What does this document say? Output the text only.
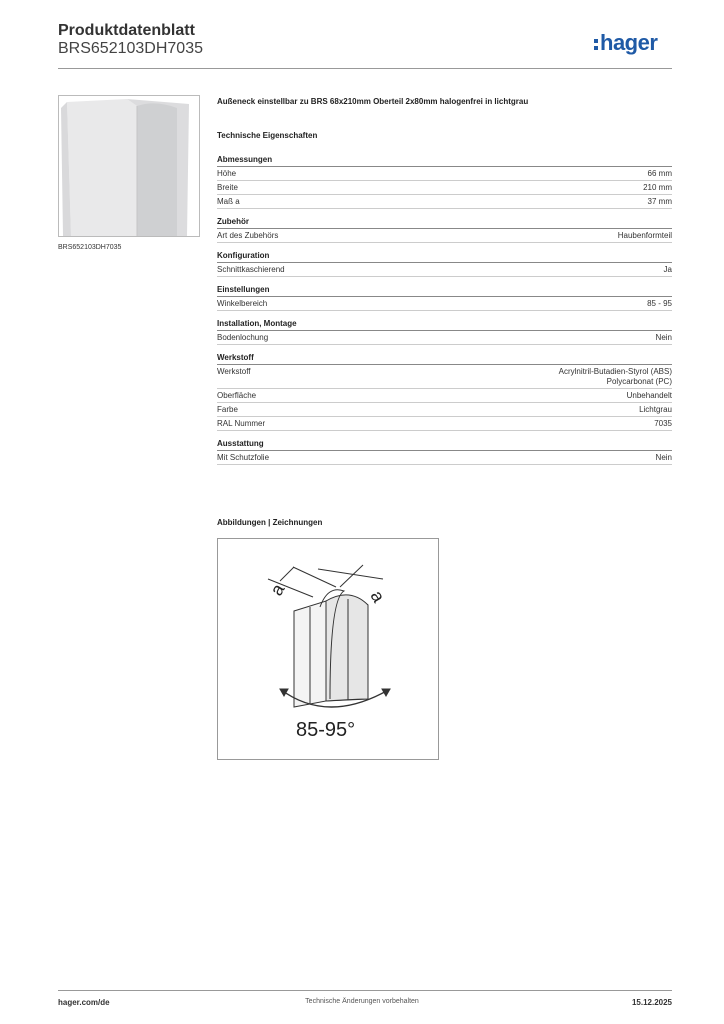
Produktdatenblatt
BRS652103DH7035	hager
BRS652103DH7035
Außeneck einstellbar zu BRS 68x210mm Oberteil 2x80mm halogenfrei in lichtgrau
Technische Eigenschaften
Abmessungen
Höhe	66 mm
Breite	210 mm
Maß a	37 mm
Zubehör
Art des Zubehörs	Haubenformteil
Konfiguration
Schnittkaschierend	Ja
Einstellungen
Winkelbereich	85 - 95
Installation, Montage
Bodenlochung	Nein
Werkstoff
Werkstoff	Acrylnitril-Butadien-Styrol (ABS)
Polycarbonat (PC)
Oberfläche	Unbehandelt
Farbe	Lichtgrau
RAL Nummer	7035
Ausstattung
Mit Schutzfolie	Nein
Abbildungen | Zeichnungen
a	a
85-95°
hager.com/de	Technische Änderungen vorbehalten	15.12.2025
